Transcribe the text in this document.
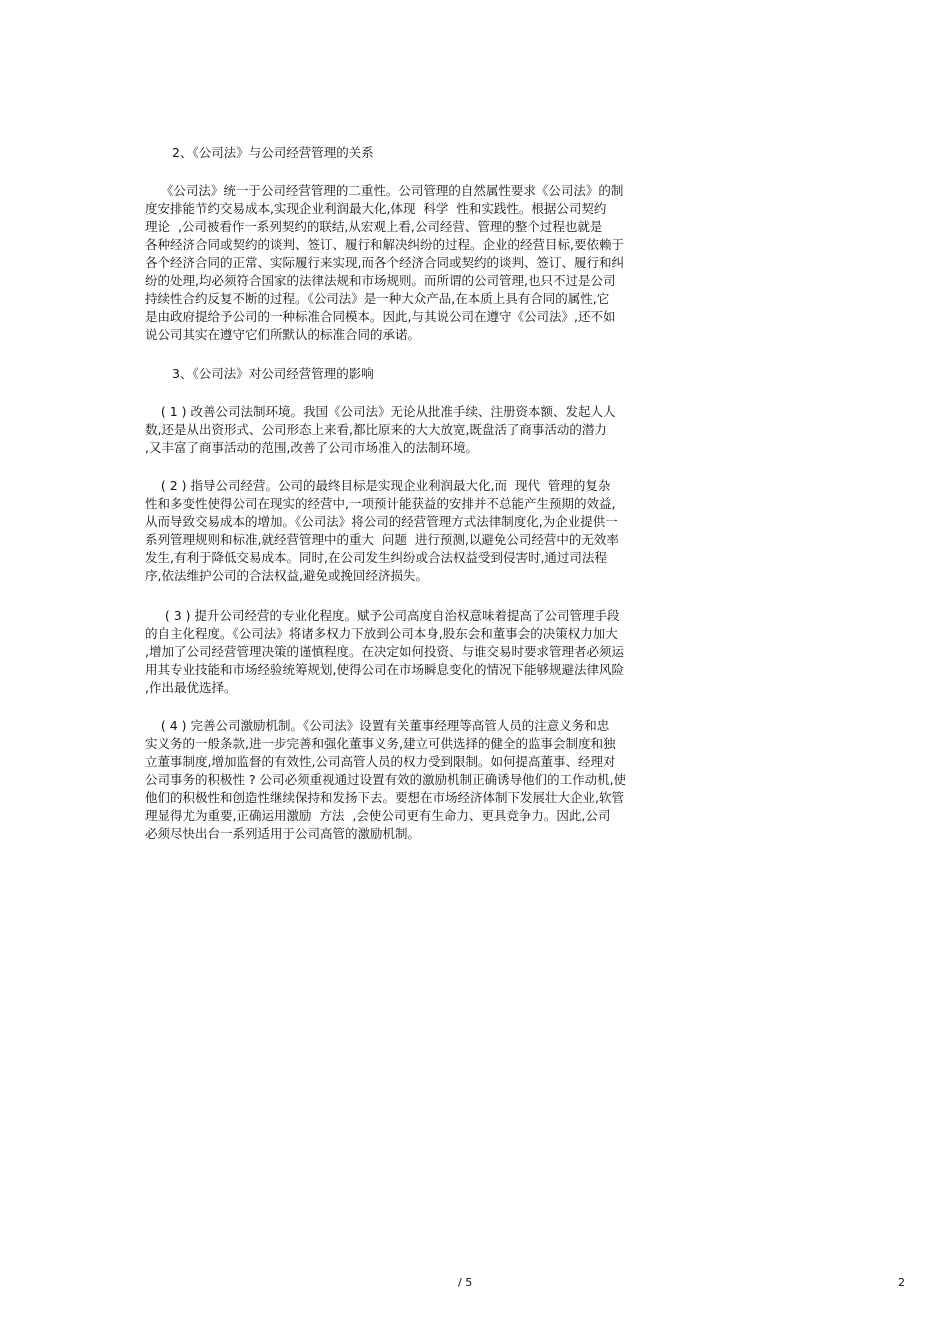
2、《公司法》与公司经营管理的关系
《公司法》统一于公司经营管理的二重性。公司管理的自然属性要求《公司法》的制
度安排能节约交易成本,实现企业利润最大化,体现  科学  性和实践性。根据公司契约
理论  ,公司被看作一系列契约的联结,从宏观上看,公司经营、管理的整个过程也就是
各种经济合同或契约的谈判、签订、履行和解决纠纷的过程。企业的经营目标,要依赖于
各个经济合同的正常、实际履行来实现,而各个经济合同或契约的谈判、签订、履行和纠
纷的处理,均必须符合国家的法律法规和市场规则。而所谓的公司管理,也只不过是公司
持续性合约反复不断的过程。《公司法》是一种大众产品,在本质上具有合同的属性,它
是由政府提给予公司的一种标准合同模本。因此,与其说公司在遵守《公司法》,还不如
说公司其实在遵守它们所默认的标准合同的承诺。
3、《公司法》对公司经营管理的影响
( 1 ) 改善公司法制环境。我国《公司法》无论从批准手续、注册资本额、发起人人
数,还是从出资形式、公司形态上来看,都比原来的大大放宽,既盘活了商事活动的潜力
,又丰富了商事活动的范围,改善了公司市场准入的法制环境。
( 2 ) 指导公司经营。公司的最终目标是实现企业利润最大化,而  现代  管理的复杂
性和多变性使得公司在现实的经营中,一项预计能获益的安排并不总能产生预期的效益,
从而导致交易成本的增加。《公司法》将公司的经营管理方式法律制度化,为企业提供一
系列管理规则和标准,就经营管理中的重大  问题  进行预测,以避免公司经营中的无效率
发生,有利于降低交易成本。同时,在公司发生纠纷或合法权益受到侵害时,通过司法程
序,依法维护公司的合法权益,避免或挽回经济损失。
( 3 ) 提升公司经营的专业化程度。赋予公司高度自治权意味着提高了公司管理手段
的自主化程度。《公司法》将诸多权力下放到公司本身,股东会和董事会的决策权力加大
,增加了公司经营管理决策的谨慎程度。在决定如何投资、与谁交易时要求管理者必须运
用其专业技能和市场经验统筹规划,使得公司在市场瞬息变化的情况下能够规避法律风险
,作出最优选择。
( 4 ) 完善公司激励机制。《公司法》设置有关董事经理等高管人员的注意义务和忠
实义务的一般条款,进一步完善和强化董事义务,建立可供选择的健全的监事会制度和独
立董事制度,增加监督的有效性,公司高管人员的权力受到限制。如何提高董事、经理对
公司事务的积极性 ? 公司必须重视通过设置有效的激励机制正确诱导他们的工作动机,使
他们的积极性和创造性继续保持和发扬下去。要想在市场经济体制下发展壮大企业,软管
理显得尤为重要,正确运用激励  方法  ,会使公司更有生命力、更具竞争力。因此,公司
必须尽快出台一系列适用于公司高管的激励机制。
/ 5	2
